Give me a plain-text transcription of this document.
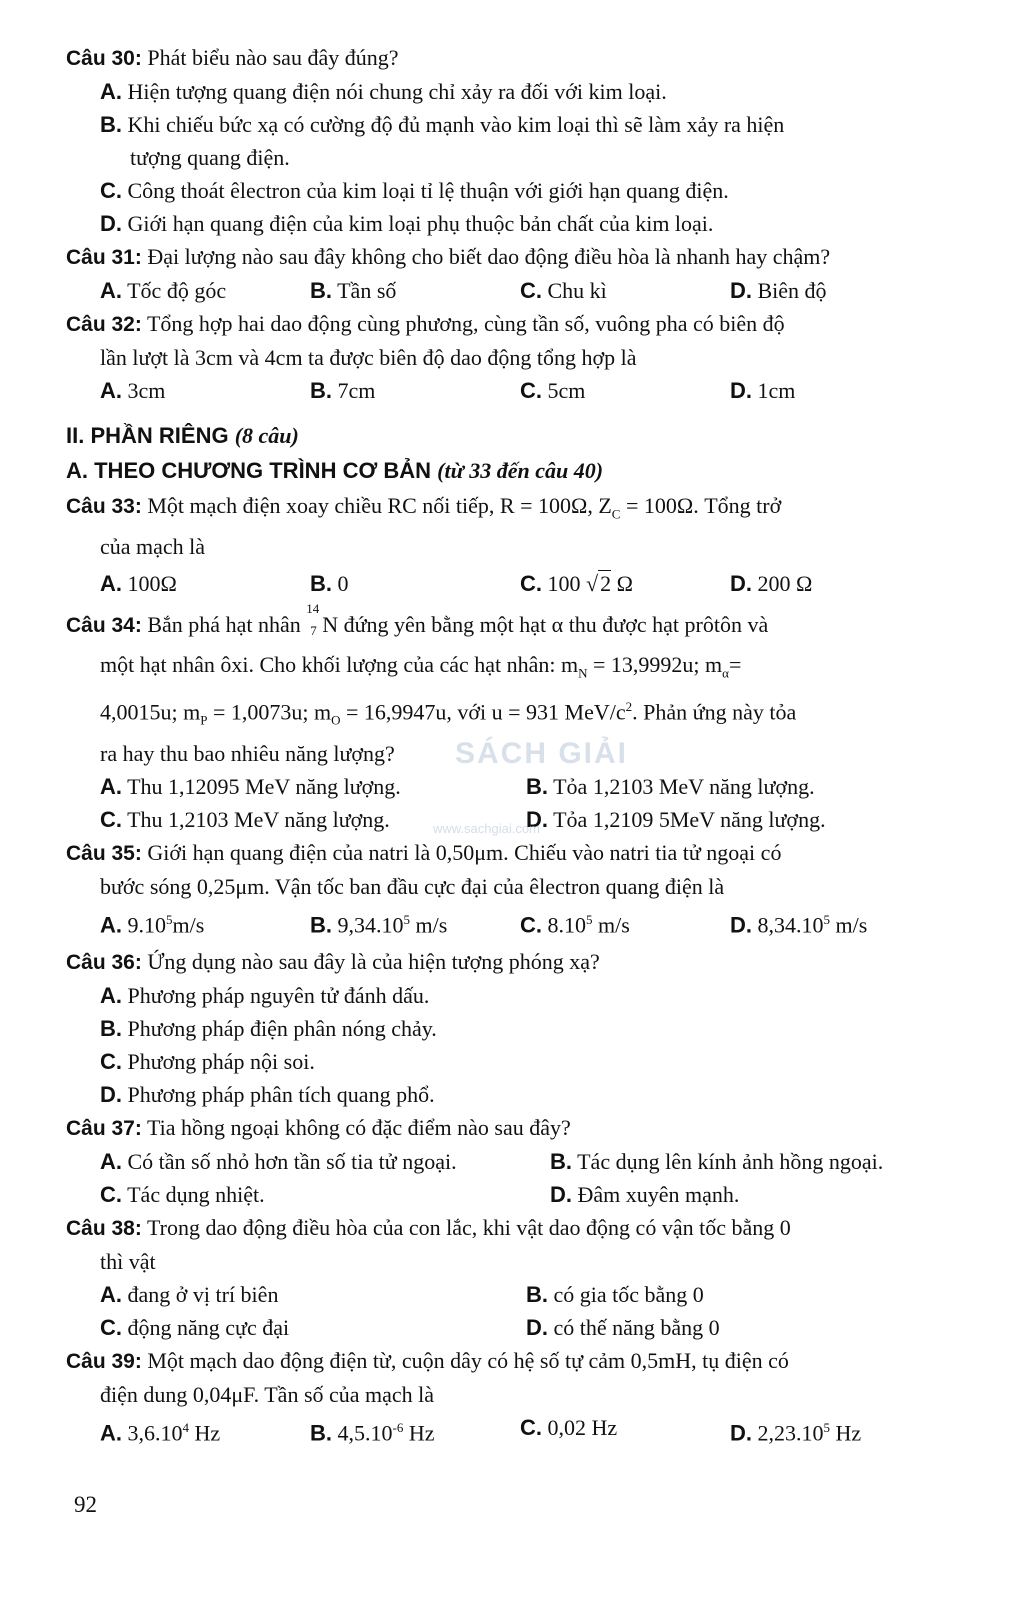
Câu 30: Phát biểu nào sau đây đúng?

A. Hiện tượng quang điện nói chung chỉ xảy ra đối với kim loại.
B. Khi chiếu bức xạ có cường độ đủ mạnh vào kim loại thì sẽ làm xảy ra hiện
tượng quang điện.
C. Công thoát êlectron của kim loại tỉ lệ thuận với giới hạn quang điện.
D. Giới hạn quang điện của kim loại phụ thuộc bản chất của kim loại.

Câu 31: Đại lượng nào sau đây không cho biết dao động điều hòa là nhanh hay chậm?

A. Tốc độ góc	B. Tần số	C. Chu kì	D. Biên độ

Câu 32: Tổng hợp hai dao động cùng phương, cùng tần số, vuông pha có biên độ

lần lượt là 3cm và 4cm ta được biên độ dao động tổng hợp là

A. 3cm	B. 7cm	C. 5cm	D. 1cm
II. PHẦN RIÊNG (8 câu)
A. THEO CHƯƠNG TRÌNH CƠ BẢN (từ 33 đến câu 40)

Câu 33: Một mạch điện xoay chiều RC nối tiếp, R = 100Ω, $Z_C = 100\Omega$. Tổng trở

của mạch là

A. 100Ω	B. 0	C. 100 √2 Ω	D. 200 Ω

Câu 34: Bắn phá hạt nhân
14
7 N đứng yên bằng một hạt α thu được hạt prôtôn và

một hạt nhân ôxi. Cho khối lượng của các hạt nhân: $m_N = 13,9992u$; $m_\alpha=$

4,0015u; $m_P = 1,0073u$; $m_O = 16,9947u$, với u = 931 MeV/$c^2$. Phản ứng này tỏa

ra hay thu bao nhiêu năng lượng?

A. Thu 1,12095 MeV năng lượng.	B. Tỏa 1,2103 MeV năng lượng.
C. Thu 1,2103 MeV năng lượng.	D. Tỏa 1,2109 5MeV năng lượng.

Câu 35: Giới hạn quang điện của natri là 0,50μm. Chiếu vào natri tia tử ngoại có

bước sóng 0,25μm. Vận tốc ban đầu cực đại của êlectron quang điện là

A. 9.10$^5$m/s	B. 9,34.10$^5$ m/s	C. 8.10$^5$ m/s	D. 8,34.10$^5$ m/s

Câu 36: Ứng dụng nào sau đây là của hiện tượng phóng xạ?

A. Phương pháp nguyên tử đánh dấu.
B. Phương pháp điện phân nóng chảy.
C. Phương pháp nội soi.
D. Phương pháp phân tích quang phổ.

Câu 37: Tia hồng ngoại không có đặc điểm nào sau đây?

A. Có tần số nhỏ hơn tần số tia tử ngoại.	B. Tác dụng lên kính ảnh hồng ngoại.
C. Tác dụng nhiệt.	D. Đâm xuyên mạnh.

Câu 38: Trong dao động điều hòa của con lắc, khi vật dao động có vận tốc bằng 0

thì vật

A. đang ở vị trí biên	B. có gia tốc bằng 0
C. động năng cực đại	D. có thế năng bằng 0

Câu 39: Một mạch dao động điện từ, cuộn dây có hệ số tự cảm 0,5mH, tụ điện có

điện dung 0,04μF. Tần số của mạch là

A. 3,6.10$^4$ Hz	B. $4,5.10^{-6}$ Hz	C. 0,02 Hz	D. 2,23.10$^5$ Hz
SÁCH GIẢI
www.sachgiai.com
92
